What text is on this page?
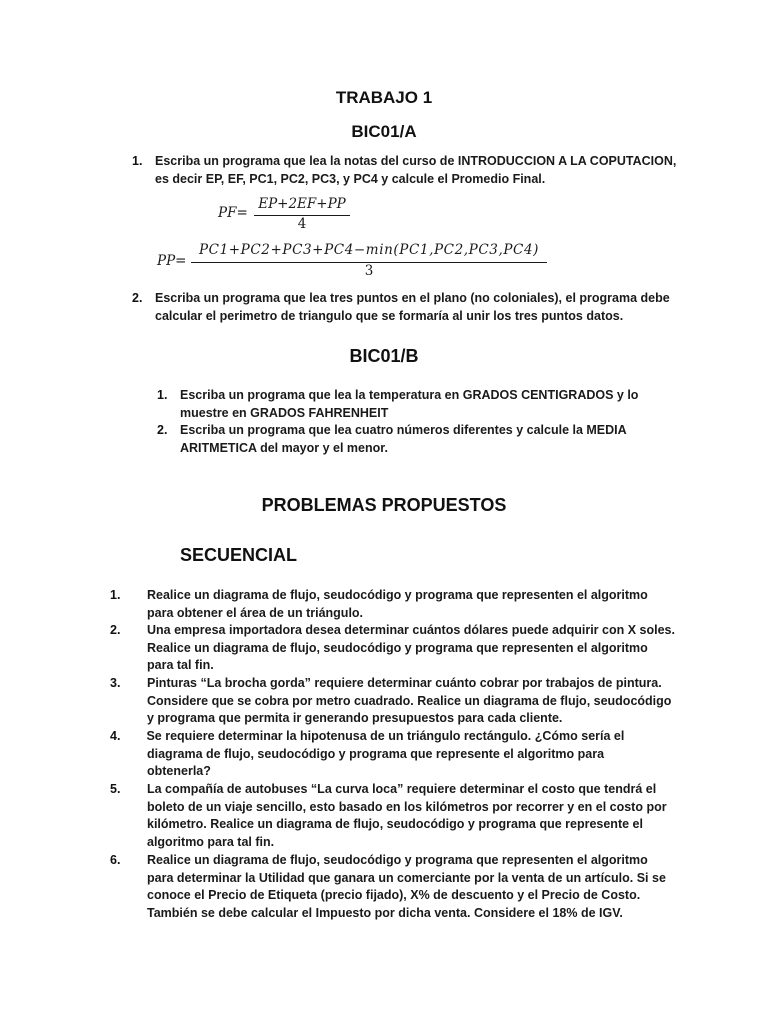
TRABAJO 1
BIC01/A
1. Escriba un programa que lea la notas del curso de INTRODUCCION A LA COPUTACION,
es decir EP, EF, PC1, PC2, PC3, y PC4 y calcule el Promedio Final.
PF=
EP+2EF+PP
4
PP=
PC1+PC2+PC3+PC4−min(PC1,PC2,PC3,PC4)
3
2. Escriba un programa que lea tres puntos en el plano (no coloniales), el programa debe
calcular el perimetro de triangulo que se formaría al unir los tres puntos datos.
BIC01/B
1. Escriba un programa que lea la temperatura en GRADOS CENTIGRADOS y lo
muestre en GRADOS FAHRENHEIT
2. Escriba un programa que lea cuatro números diferentes y calcule la MEDIA
ARITMETICA del mayor y el menor.
PROBLEMAS PROPUESTOS
SECUENCIAL
1. Realice un diagrama de flujo, seudocódigo y programa que representen el algoritmo
para obtener el área de un triángulo.
2. Una empresa importadora desea determinar cuántos dólares puede adquirir con X soles.
Realice un diagrama de flujo, seudocódigo y programa que representen el algoritmo
para tal fin.
3. Pinturas “La brocha gorda” requiere determinar cuánto cobrar por trabajos de pintura.
Considere que se cobra por metro cuadrado. Realice un diagrama de flujo, seudocódigo
y programa que permita ir generando presupuestos para cada cliente.
4. Se requiere determinar la hipotenusa de un triángulo rectángulo. ¿Cómo sería el
diagrama de flujo, seudocódigo y programa que represente el algoritmo para
obtenerla?
5. La compañía de autobuses “La curva loca” requiere determinar el costo que tendrá el
boleto de un viaje sencillo, esto basado en los kilómetros por recorrer y en el costo por
kilómetro. Realice un diagrama de flujo, seudocódigo y programa que represente el
algoritmo para tal fin.
6. Realice un diagrama de flujo, seudocódigo y programa que representen el algoritmo
para determinar la Utilidad que ganara un comerciante por la venta de un artículo. Si se
conoce el Precio de Etiqueta (precio fijado), X% de descuento y el Precio de Costo.
También se debe calcular el Impuesto por dicha venta. Considere el 18% de IGV.
